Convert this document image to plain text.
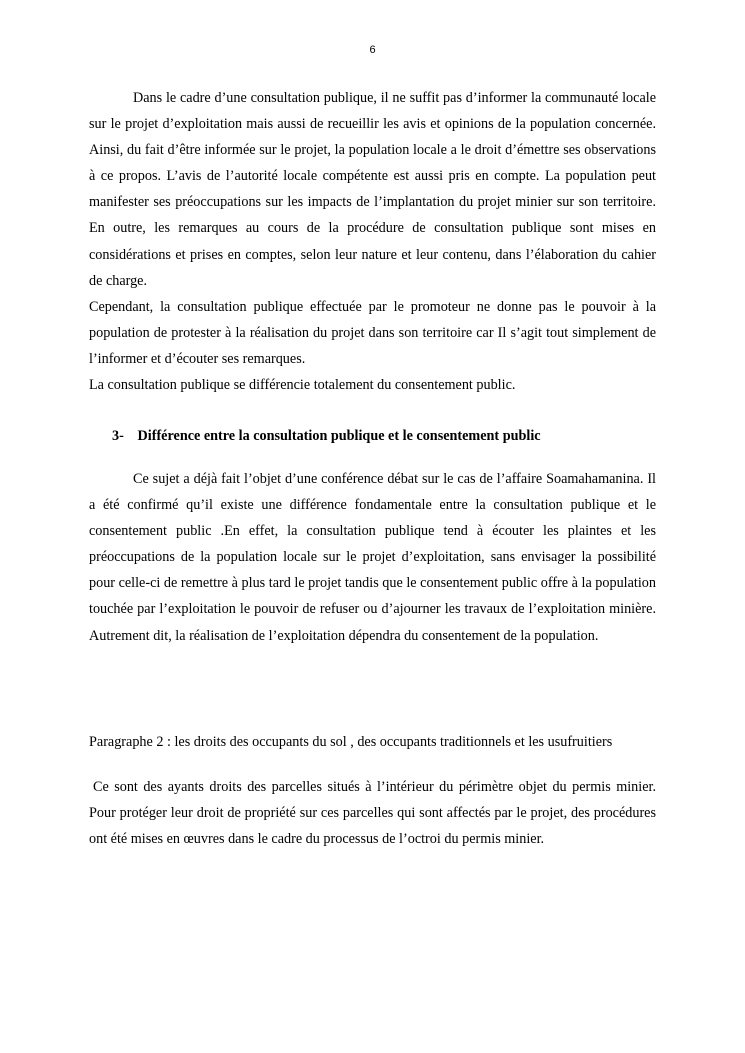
6

Dans le cadre d’une consultation publique, il ne suffit pas d’informer la communauté locale sur le projet d’exploitation mais aussi de recueillir les avis et opinions de la population concernée. Ainsi, du fait d’être informée sur le projet, la population locale a le droit d’émettre ses observations à ce propos. L’avis de l’autorité locale compétente est aussi pris en compte. La population peut manifester ses préoccupations sur les impacts de l’implantation du projet minier sur son territoire. En outre, les remarques au cours de la procédure de consultation publique sont mises en considérations et prises en comptes, selon leur nature et leur contenu, dans l’élaboration du cahier de charge.

Cependant, la consultation publique effectuée par le promoteur ne donne pas le pouvoir à la population de protester à la réalisation du projet dans son territoire car Il s’agit tout simplement de l’informer et d’écouter ses remarques.

La consultation publique se différencie totalement du consentement public.

3- Différence entre la consultation publique et le consentement public

Ce sujet a déjà fait l’objet d’une conférence débat sur le cas de l’affaire Soamahamanina. Il a été confirmé qu’il existe une différence fondamentale entre la consultation publique et le consentement public .En effet, la consultation publique tend à écouter les plaintes et les préoccupations de la population locale sur le projet d’exploitation, sans envisager la possibilité pour celle-ci de remettre à plus tard le projet tandis que le consentement public offre à la population touchée par l’exploitation le pouvoir de refuser ou d’ajourner les travaux de l’exploitation minière. Autrement dit, la réalisation de l’exploitation dépendra du consentement de la population.

Paragraphe 2 : les droits des occupants du sol , des occupants traditionnels et les usufruitiers

Ce sont des ayants droits des parcelles situés à l’intérieur du périmètre objet du permis minier. Pour protéger leur droit de propriété sur ces parcelles qui sont affectés par le projet, des procédures ont été mises en œuvres dans le cadre du processus de l’octroi du permis minier.
